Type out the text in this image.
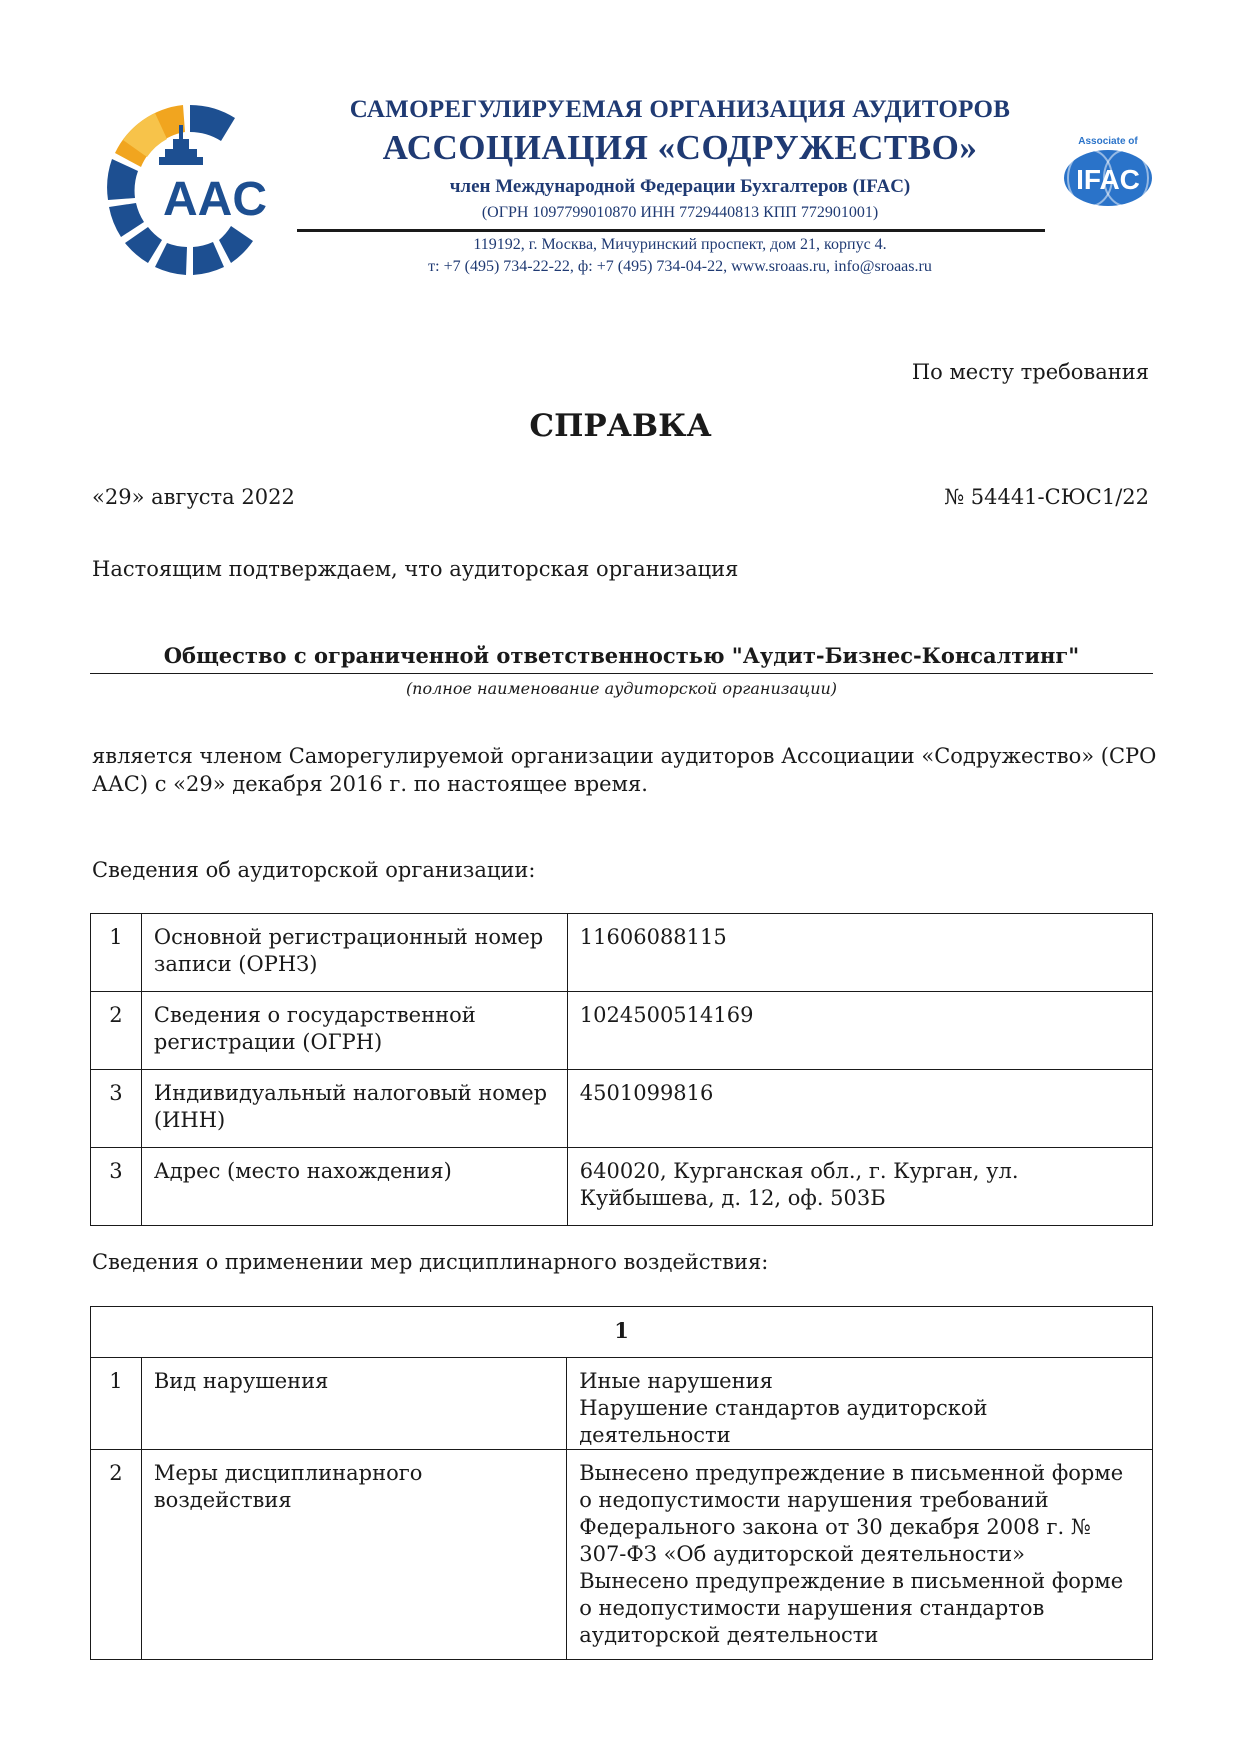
AAC
САМОРЕГУЛИРУЕМАЯ ОРГАНИЗАЦИЯ АУДИТОРОВ
АССОЦИАЦИЯ «СОДРУЖЕСТВО»
член Международной Федерации Бухгалтеров (IFAC)
(ОГРН 1097799010870 ИНН 7729440813 КПП 772901001)
119192, г. Москва, Мичуринский проспект, дом 21, корпус 4.
т: +7 (495) 734-22-22, ф: +7 (495) 734-04-22, www.sroaas.ru, info@sroaas.ru
Associate of
IFAC
По месту требования
СПРАВКА
«29» августа 2022	№ 54441-СЮС1/22
Настоящим подтверждаем, что аудиторская организация
Общество с ограниченной ответственностью "Аудит-Бизнес-Консалтинг"
(полное наименование аудиторской организации)
является членом Саморегулируемой организации аудиторов Ассоциации «Содружество» (СРО ААС) с «29» декабря 2016 г. по настоящее время.
Сведения об аудиторской организации:
1	Основной регистрационный номер записи (ОРНЗ)	11606088115
2	Сведения о государственной регистрации (ОГРН)	1024500514169
3	Индивидуальный налоговый номер (ИНН)	4501099816
3	Адрес (место нахождения)	640020, Курганская обл., г. Курган, ул. Куйбышева, д. 12, оф. 503Б
Сведения о применении мер дисциплинарного воздействия:
1		
1	Вид нарушения	Иные нарушения
Нарушение стандартов аудиторской деятельности
2	Меры дисциплинарного воздействия	Вынесено предупреждение в письменной форме о недопустимости нарушения требований Федерального закона от 30 декабря 2008 г. № 307-ФЗ «Об аудиторской деятельности»
Вынесено предупреждение в письменной форме о недопустимости нарушения стандартов аудиторской деятельности
